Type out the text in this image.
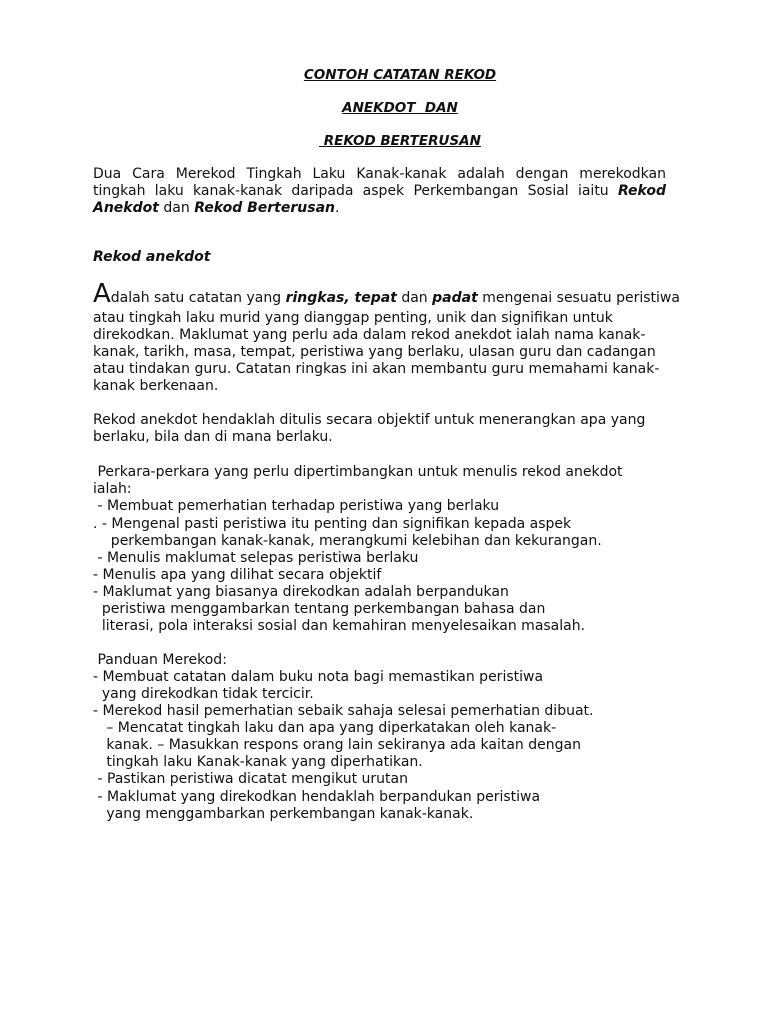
CONTOH CATATAN REKOD
ANEKDOT  DAN
REKOD BERTERUSAN
Dua Cara Merekod Tingkah Laku Kanak-kanak adalah dengan merekodkan tingkah laku kanak-kanak daripada aspek Perkembangan Sosial iaitu Rekod Anekdot dan Rekod Berterusan.
Rekod anekdot
Adalah satu catatan yang ringkas, tepat dan padat mengenai sesuatu peristiwa
atau tingkah laku murid yang dianggap penting, unik dan signifikan untuk
direkodkan. Maklumat yang perlu ada dalam rekod anekdot ialah nama kanak-
kanak, tarikh, masa, tempat, peristiwa yang berlaku, ulasan guru dan cadangan
atau tindakan guru. Catatan ringkas ini akan membantu guru memahami kanak-
kanak berkenaan.
Rekod anekdot hendaklah ditulis secara objektif untuk menerangkan apa yang
berlaku, bila dan di mana berlaku.
Perkara-perkara yang perlu dipertimbangkan untuk menulis rekod anekdot
ialah:
- Membuat pemerhatian terhadap peristiwa yang berlaku
. - Mengenal pasti peristiwa itu penting dan signifikan kepada aspek
perkembangan kanak-kanak, merangkumi kelebihan dan kekurangan.
- Menulis maklumat selepas peristiwa berlaku
- Menulis apa yang dilihat secara objektif
- Maklumat yang biasanya direkodkan adalah berpandukan
peristiwa menggambarkan tentang perkembangan bahasa dan
literasi, pola interaksi sosial dan kemahiran menyelesaikan masalah.
Panduan Merekod:
- Membuat catatan dalam buku nota bagi memastikan peristiwa
yang direkodkan tidak tercicir.
- Merekod hasil pemerhatian sebaik sahaja selesai pemerhatian dibuat.
– Mencatat tingkah laku dan apa yang diperkatakan oleh kanak-
kanak. – Masukkan respons orang lain sekiranya ada kaitan dengan
tingkah laku Kanak-kanak yang diperhatikan.
- Pastikan peristiwa dicatat mengikut urutan
- Maklumat yang direkodkan hendaklah berpandukan peristiwa
yang menggambarkan perkembangan kanak-kanak.
